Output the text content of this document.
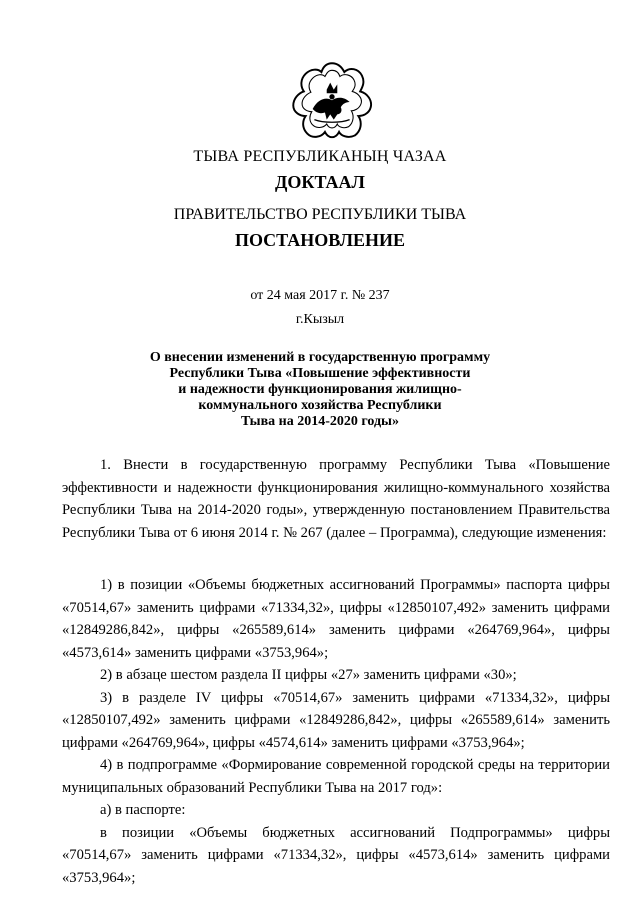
ТЫВА РЕСПУБЛИКАНЫҢ ЧАЗАА
ДОКТААЛ
ПРАВИТЕЛЬСТВО РЕСПУБЛИКИ ТЫВА
ПОСТАНОВЛЕНИЕ
от 24 мая 2017 г. № 237
г.Кызыл
О внесении изменений в государственную программу
Республики Тыва «Повышение эффективности
и надежности функционирования жилищно-
коммунального хозяйства Республики
Тыва на 2014-2020 годы»

1. Внести в государственную программу Республики Тыва «Повышение эффективности и надежности функционирования жилищно-коммунального хозяйства Республики Тыва на 2014-2020 годы», утвержденную постановлением Правительства Республики Тыва от 6 июня 2014 г. № 267 (далее – Программа), следующие изменения:

1) в позиции «Объемы бюджетных ассигнований Программы» паспорта цифры «70514,67» заменить цифрами «71334,32», цифры «12850107,492» заменить цифрами «12849286,842», цифры «265589,614» заменить цифрами «264769,964», цифры «4573,614» заменить цифрами «3753,964»;

2) в абзаце шестом раздела II цифры «27» заменить цифрами «30»;

3) в разделе IV цифры «70514,67» заменить цифрами «71334,32», цифры «12850107,492» заменить цифрами «12849286,842», цифры «265589,614» заменить цифрами «264769,964», цифры «4574,614» заменить цифрами «3753,964»;

4) в подпрограмме «Формирование современной городской среды на территории муниципальных образований Республики Тыва на 2017 год»:

а) в паспорте:

в позиции «Объемы бюджетных ассигнований Подпрограммы» цифры «70514,67» заменить цифрами «71334,32», цифры «4573,614» заменить цифрами «3753,964»;
